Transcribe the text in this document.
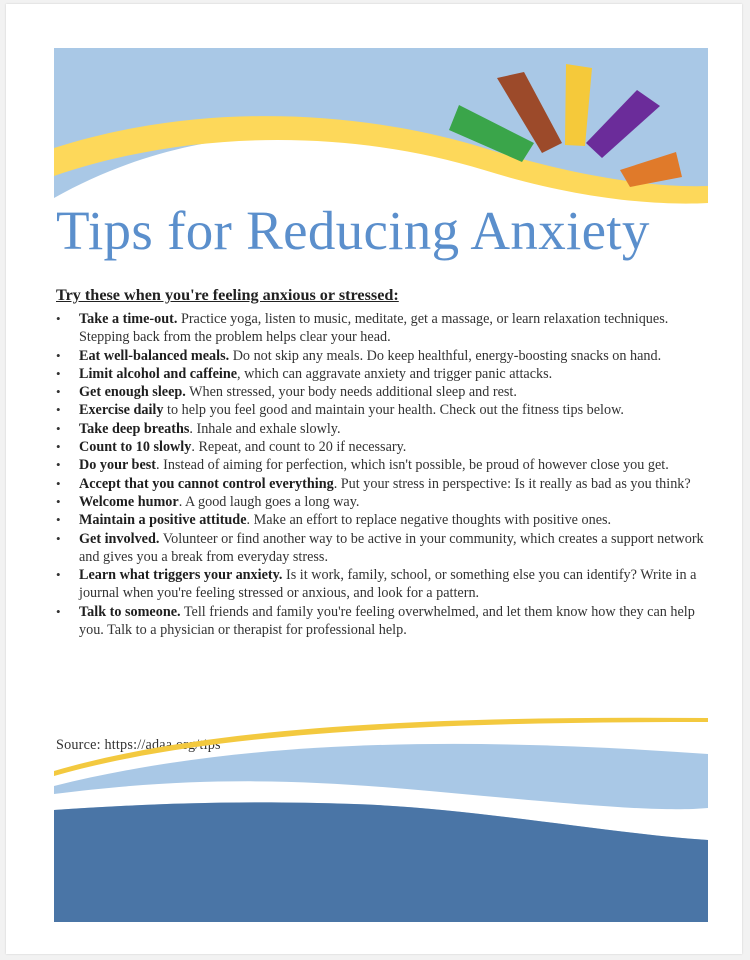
Tips for Reducing Anxiety
Try these when you're feeling anxious or stressed:
• Take a time-out. Practice yoga, listen to music, meditate, get a massage, or learn relaxation techniques. Stepping back from the problem helps clear your head.
• Eat well-balanced meals. Do not skip any meals. Do keep healthful, energy-boosting snacks on hand.
• Limit alcohol and caffeine, which can aggravate anxiety and trigger panic attacks.
• Get enough sleep. When stressed, your body needs additional sleep and rest.
• Exercise daily to help you feel good and maintain your health. Check out the fitness tips below.
• Take deep breaths. Inhale and exhale slowly.
• Count to 10 slowly. Repeat, and count to 20 if necessary.
• Do your best. Instead of aiming for perfection, which isn't possible, be proud of however close you get.
• Accept that you cannot control everything. Put your stress in perspective: Is it really as bad as you think?
• Welcome humor. A good laugh goes a long way.
• Maintain a positive attitude. Make an effort to replace negative thoughts with positive ones.
• Get involved. Volunteer or find another way to be active in your community, which creates a support network and gives you a break from everyday stress.
• Learn what triggers your anxiety. Is it work, family, school, or something else you can identify? Write in a journal when you're feeling stressed or anxious, and look for a pattern.
• Talk to someone. Tell friends and family you're feeling overwhelmed, and let them know how they can help you. Talk to a physician or therapist for professional help.
Source: https://adaa.org/tips
